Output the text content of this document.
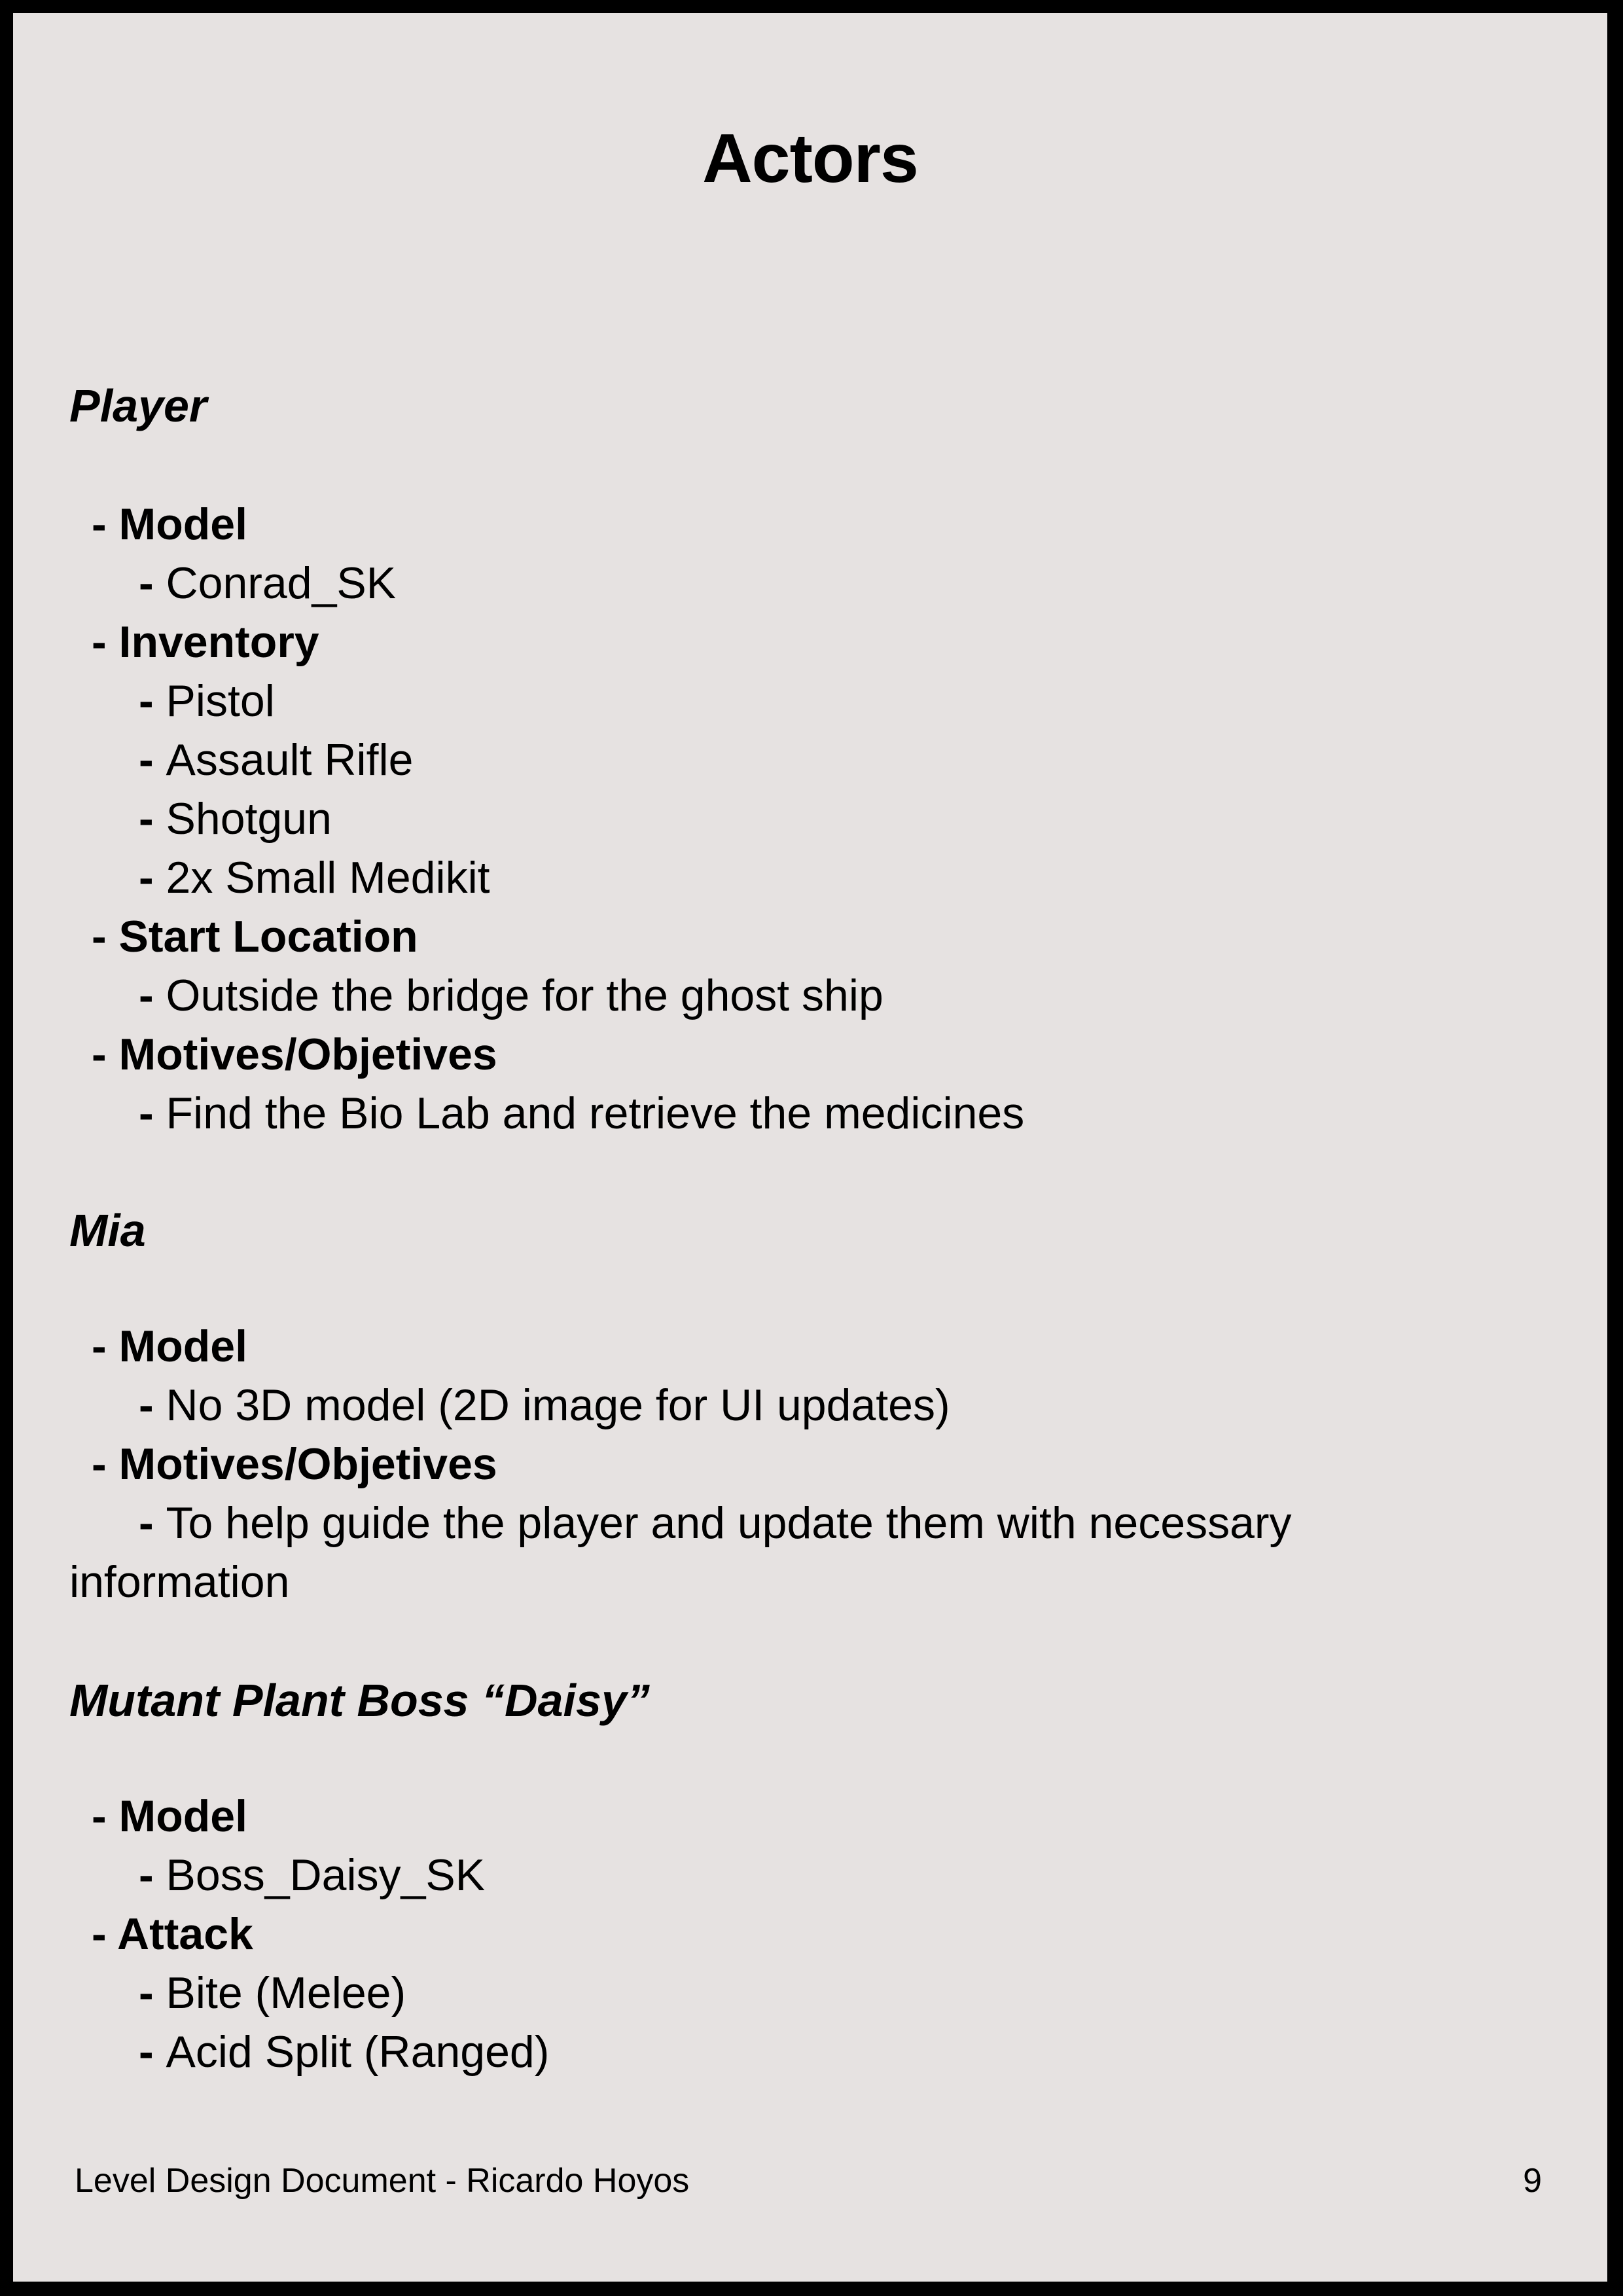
Actors
Player
- Model
- Conrad_SK
- Inventory
- Pistol
- Assault Rifle
- Shotgun
- 2x Small Medikit
- Start Location
- Outside the bridge for the ghost ship
- Motives/Objetives
- Find the Bio Lab and retrieve the medicines
Mia
- Model
- No 3D model (2D image for UI updates)
- Motives/Objetives
- To help guide the player and update them with necessary
information
Mutant Plant Boss “Daisy”
- Model
- Boss_Daisy_SK
- Attack
- Bite (Melee)
- Acid Split (Ranged)
Level Design Document - Ricardo Hoyos	9
